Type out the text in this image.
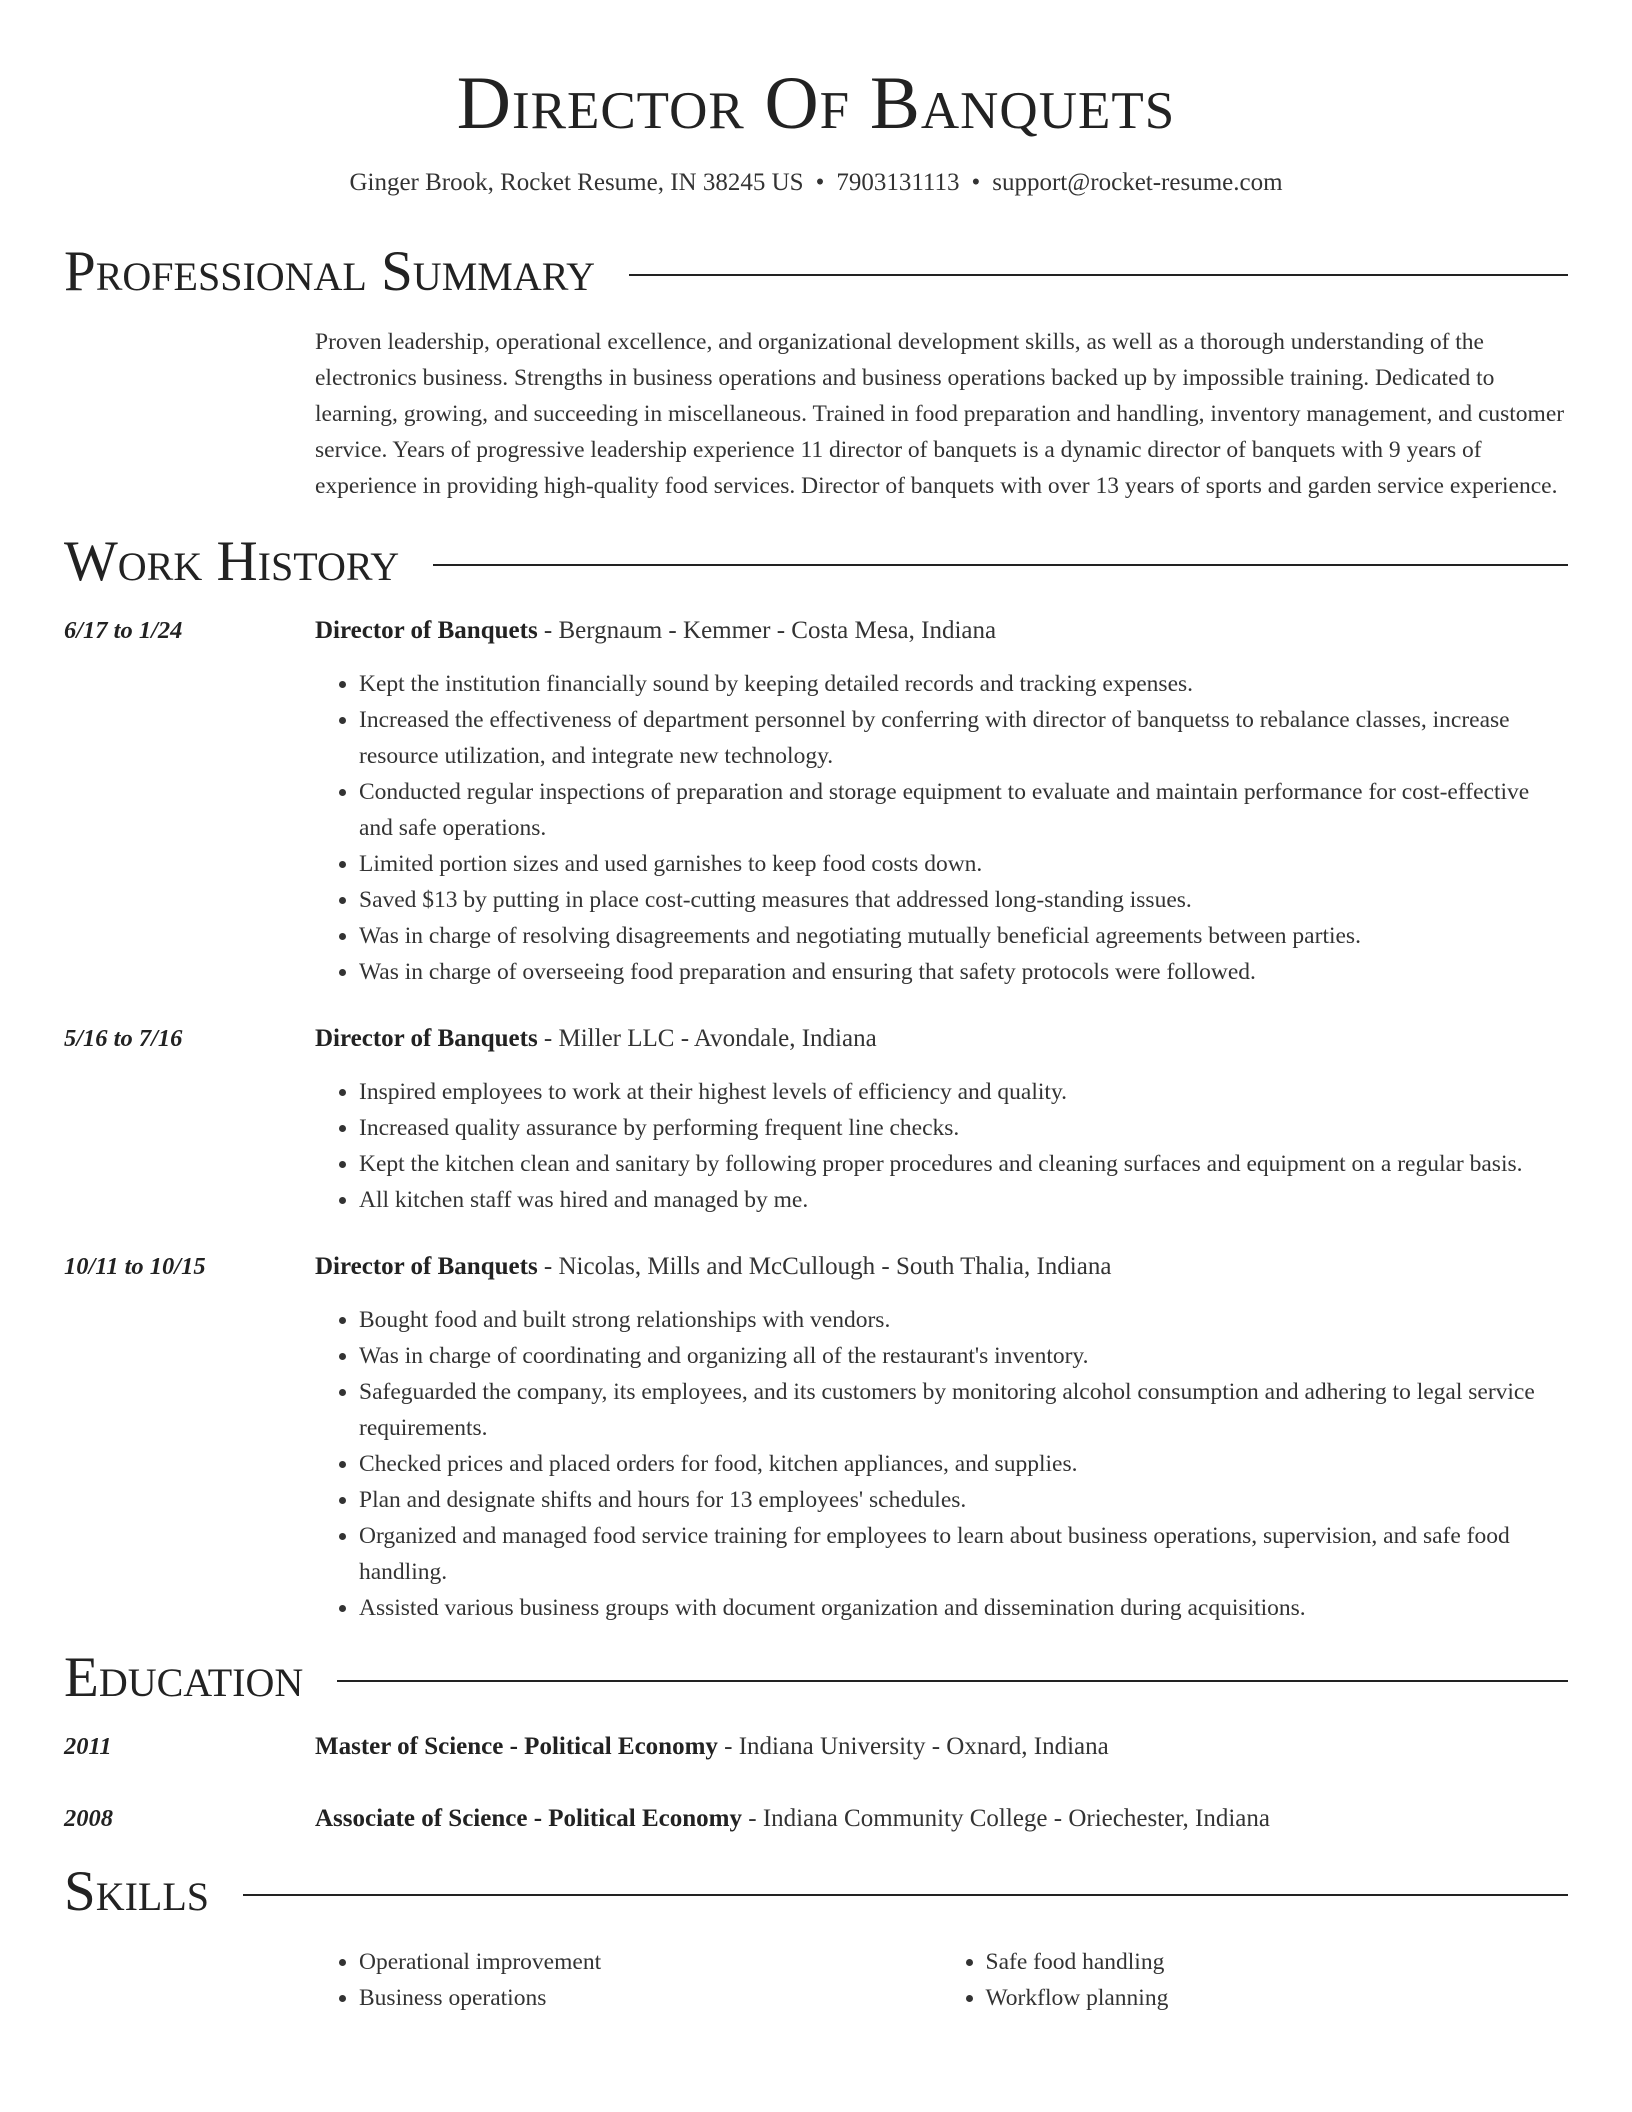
Director Of Banquets
Ginger Brook, Rocket Resume, IN 38245 US • 7903131113 • support@rocket-resume.com
Professional Summary

Proven leadership, operational excellence, and organizational development skills, as well as a thorough understanding of the electronics business. Strengths in business operations and business operations backed up by impossible training. Dedicated to learning, growing, and succeeding in miscellaneous. Trained in food preparation and handling, inventory management, and customer service. Years of progressive leadership experience 11 director of banquets is a dynamic director of banquets with 9 years of experience in providing high-quality food services. Director of banquets with over 13 years of sports and garden service experience.

Work History
6/17 to 1/24	Director of Banquets - Bergnaum - Kemmer - Costa Mesa, Indiana
• Kept the institution financially sound by keeping detailed records and tracking expenses.
• Increased the effectiveness of department personnel by conferring with director of banquetss to rebalance classes, increase resource utilization, and integrate new technology.
• Conducted regular inspections of preparation and storage equipment to evaluate and maintain performance for cost-effective and safe operations.
• Limited portion sizes and used garnishes to keep food costs down.
• Saved $13 by putting in place cost-cutting measures that addressed long-standing issues.
• Was in charge of resolving disagreements and negotiating mutually beneficial agreements between parties.
• Was in charge of overseeing food preparation and ensuring that safety protocols were followed.
5/16 to 7/16	Director of Banquets - Miller LLC - Avondale, Indiana
• Inspired employees to work at their highest levels of efficiency and quality.
• Increased quality assurance by performing frequent line checks.
• Kept the kitchen clean and sanitary by following proper procedures and cleaning surfaces and equipment on a regular basis.
• All kitchen staff was hired and managed by me.
10/11 to 10/15	Director of Banquets - Nicolas, Mills and McCullough - South Thalia, Indiana
• Bought food and built strong relationships with vendors.
• Was in charge of coordinating and organizing all of the restaurant's inventory.
• Safeguarded the company, its employees, and its customers by monitoring alcohol consumption and adhering to legal service requirements.
• Checked prices and placed orders for food, kitchen appliances, and supplies.
• Plan and designate shifts and hours for 13 employees' schedules.
• Organized and managed food service training for employees to learn about business operations, supervision, and safe food handling.
• Assisted various business groups with document organization and dissemination during acquisitions.
Education
2011	Master of Science - Political Economy - Indiana University - Oxnard, Indiana
2008	Associate of Science - Political Economy - Indiana Community College - Oriechester, Indiana
Skills
• Operational improvement
• Business operations
• Safe food handling
• Workflow planning
